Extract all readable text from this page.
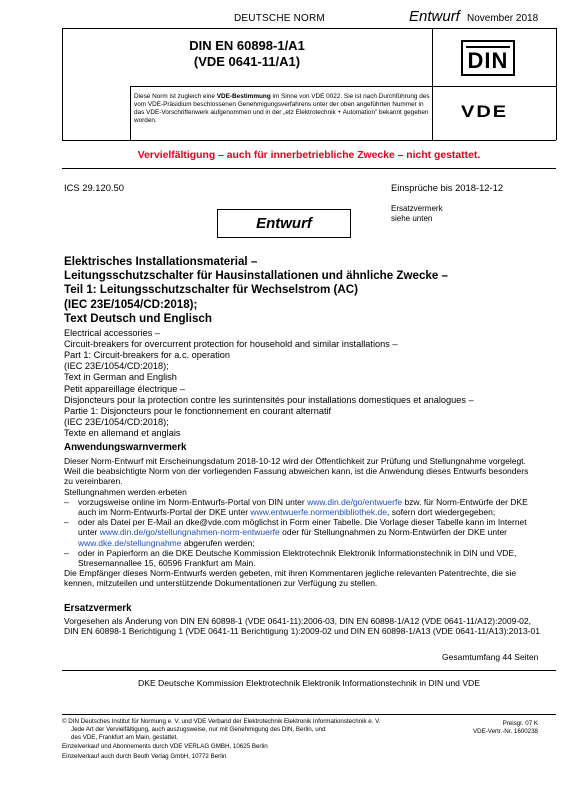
DEUTSCHE NORM	Entwurf November 2018
DIN EN 60898-1/A1
(VDE 0641-11/A1)	DIN
Diese Norm ist zugleich eine VDE-Bestimmung im Sinne von VDE 0022. Sie ist nach Durchführung des vom VDE-Präsidium beschlossenen Genehmigungsverfahrens unter der oben angeführten Nummer in das VDE-Vorschriftenwerk aufgenommen und in der „etz Elektrotechnik + Automation" bekannt gegeben worden.	VDE
Vervielfältigung – auch für innerbetriebliche Zwecke – nicht gestattet.
ICS 29.120.50	Einsprüche bis 2018-12-12
Ersatzvermerk
siehe unten
Entwurf
Elektrisches Installationsmaterial –
Leitungsschutzschalter für Hausinstallationen und ähnliche Zwecke –
Teil 1: Leitungsschutzschalter für Wechselstrom (AC)
(IEC 23E/1054/CD:2018);
Text Deutsch und Englisch
Electrical accessories –
Circuit-breakers for overcurrent protection for household and similar installations –
Part 1: Circuit-breakers for a.c. operation
(IEC 23E/1054/CD:2018);
Text in German and English
Petit appareillage électrique –
Disjoncteurs pour la protection contre les surintensités pour installations domestiques et analogues –
Partie 1: Disjoncteurs pour le fonctionnement en courant alternatif
(IEC 23E/1054/CD:2018);
Texte en allemand et anglais
Anwendungswarnvermerk

Dieser Norm-Entwurf mit Erscheinungsdatum 2018-10-12 wird der Öffentlichkeit zur Prüfung und Stellungnahme vorgelegt.

Weil die beabsichtigte Norm von der vorliegenden Fassung abweichen kann, ist die Anwendung dieses Entwurfs besonders zu vereinbaren.

Stellungnahmen werden erbeten

– vorzugsweise online im Norm-Entwurfs-Portal von DIN unter www.din.de/go/entwuerfe bzw. für Norm-Entwürfe der DKE auch im Norm-Entwurfs-Portal der DKE unter www.entwuerfe.normenbibliothek.de, sofern dort wiedergegeben;
– oder als Datei per E-Mail an dke@vde.com möglichst in Form einer Tabelle. Die Vorlage dieser Tabelle kann im Internet unter www.din.de/go/stellungnahmen-norm-entwuerfe oder für Stellungnahmen zu Norm-Entwürfen der DKE unter www.dke.de/stellungnahme abgerufen werden;
– oder in Papierform an die DKE Deutsche Kommission Elektrotechnik Elektronik Informationstechnik in DIN und VDE, Stresemannallee 15, 60596 Frankfurt am Main.

Die Empfänger dieses Norm-Entwurfs werden gebeten, mit ihren Kommentaren jegliche relevanten Patentrechte, die sie kennen, mitzuteilen und unterstützende Dokumentationen zur Verfügung zu stellen.

Ersatzvermerk
Vorgesehen als Änderung von DIN EN 60898-1 (VDE 0641-11):2006-03, DIN EN 60898-1/A12 (VDE 0641-11/A12):2009-02, DIN EN 60898-1 Berichtigung 1 (VDE 0641-11 Berichtigung 1):2009-02 und DIN EN 60898-1/A13 (VDE 0641-11/A13):2013-01
Gesamtumfang 44 Seiten
DKE Deutsche Kommission Elektrotechnik Elektronik Informationstechnik in DIN und VDE
© DIN Deutsches Institut für Normung e. V. und VDE Verband der Elektrotechnik Elektronik Informationstechnik e. V.
Jede Art der Vervielfältigung, auch auszugsweise, nur mit Genehmigung des DIN, Berlin, und
des VDE, Frankfurt am Main, gestattet.
Einzelverkauf und Abonnements durch VDE VERLAG GMBH, 10625 Berlin
Einzelverkauf auch durch Beuth Verlag GmbH, 10772 Berlin
Preisgr. 07 K
VDE-Vertr.-Nr. 1600238
